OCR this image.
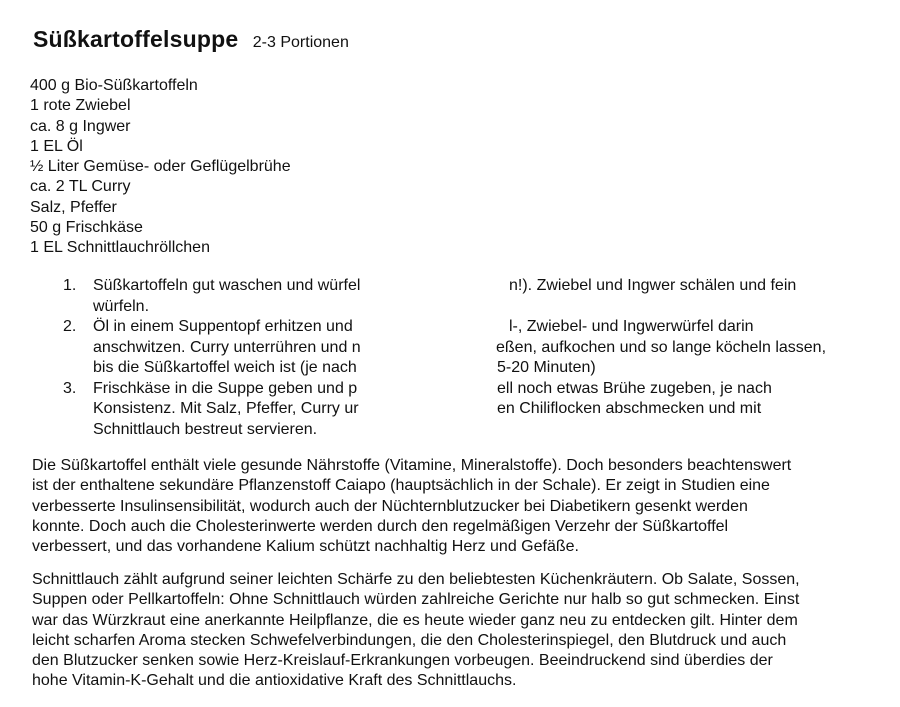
Süßkartoffelsuppe 2-3 Portionen
400 g Bio-Süßkartoffeln
1 rote Zwiebel
ca. 8 g Ingwer
1 EL Öl
½ Liter Gemüse- oder Geflügelbrühe
ca. 2 TL Curry
Salz, Pfeffer
50 g Frischkäse
1 EL Schnittlauchröllchen
1. Süßkartoffeln gut waschen und würfel	n!). Zwiebel und Ingwer schälen und fein
würfeln.
2. Öl in einem Suppentopf erhitzen und	l-, Zwiebel- und Ingwerwürfel darin
anschwitzen. Curry unterrühren und n	eßen, aufkochen und so lange köcheln lassen,
bis die Süßkartoffel weich ist (je nach	5-20 Minuten)
3. Frischkäse in die Suppe geben und p	ell noch etwas Brühe zugeben, je nach
Konsistenz. Mit Salz, Pfeffer, Curry ur	en Chiliflocken abschmecken und mit
Schnittlauch bestreut servieren.

Die Süßkartoffel enthält viele gesunde Nährstoffe (Vitamine, Mineralstoffe). Doch besonders beachtenswert
ist der enthaltene sekundäre Pflanzenstoff Caiapo (hauptsächlich in der Schale). Er zeigt in Studien eine
verbesserte Insulinsensibilität, wodurch auch der Nüchternblutzucker bei Diabetikern gesenkt werden
konnte. Doch auch die Cholesterinwerte werden durch den regelmäßigen Verzehr der Süßkartoffel
verbessert, und das vorhandene Kalium schützt nachhaltig Herz und Gefäße.

Schnittlauch zählt aufgrund seiner leichten Schärfe zu den beliebtesten Küchenkräutern. Ob Salate, Sossen,
Suppen oder Pellkartoffeln: Ohne Schnittlauch würden zahlreiche Gerichte nur halb so gut schmecken. Einst
war das Würzkraut eine anerkannte Heilpflanze, die es heute wieder ganz neu zu entdecken gilt. Hinter dem
leicht scharfen Aroma stecken Schwefelverbindungen, die den Cholesterinspiegel, den Blutdruck und auch
den Blutzucker senken sowie Herz-Kreislauf-Erkrankungen vorbeugen. Beeindruckend sind überdies der
hohe Vitamin-K-Gehalt und die antioxidative Kraft des Schnittlauchs.
